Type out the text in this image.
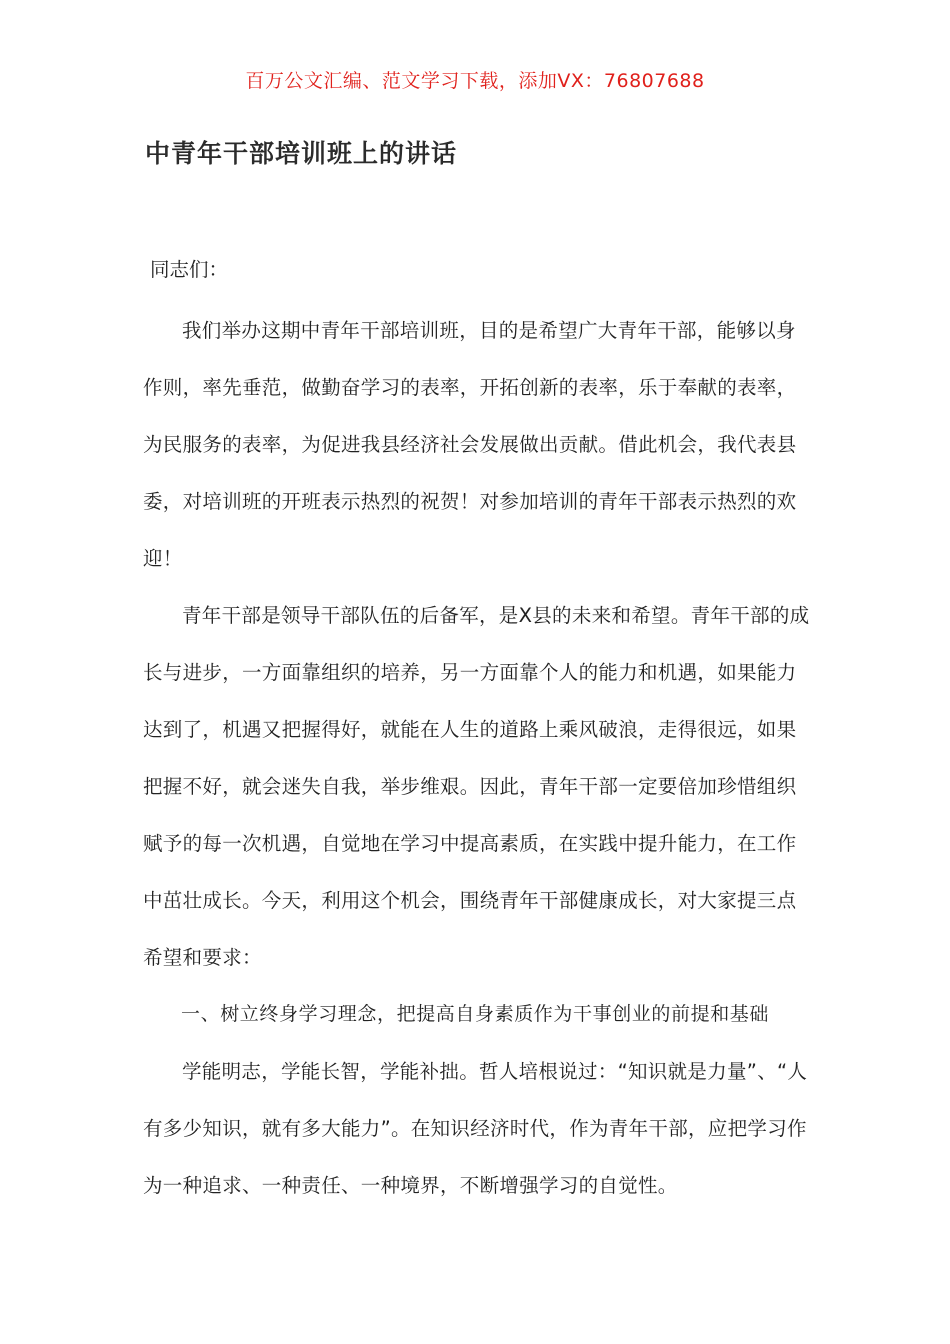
百万公文汇编、范文学习下载，添加VX：76807688
中青年干部培训班上的讲话
同志们：

我们举办这期中青年干部培训班，目的是希望广大青年干部，能够以身作则，率先垂范，做勤奋学习的表率，开拓创新的表率，乐于奉献的表率，为民服务的表率，为促进我县经济社会发展做出贡献。借此机会，我代表县委，对培训班的开班表示热烈的祝贺！对参加培训的青年干部表示热烈的欢迎！

青年干部是领导干部队伍的后备军，是X县的未来和希望。青年干部的成长与进步，一方面靠组织的培养，另一方面靠个人的能力和机遇，如果能力达到了，机遇又把握得好，就能在人生的道路上乘风破浪，走得很远，如果把握不好，就会迷失自我，举步维艰。因此，青年干部一定要倍加珍惜组织赋予的每一次机遇，自觉地在学习中提高素质，在实践中提升能力，在工作中茁壮成长。今天，利用这个机会，围绕青年干部健康成长，对大家提三点希望和要求：

一、树立终身学习理念，把提高自身素质作为干事创业的前提和基础

学能明志，学能长智，学能补拙。哲人培根说过：“知识就是力量”、“人有多少知识，就有多大能力”。在知识经济时代，作为青年干部，应把学习作为一种追求、一种责任、一种境界，不断增强学习的自觉性。
